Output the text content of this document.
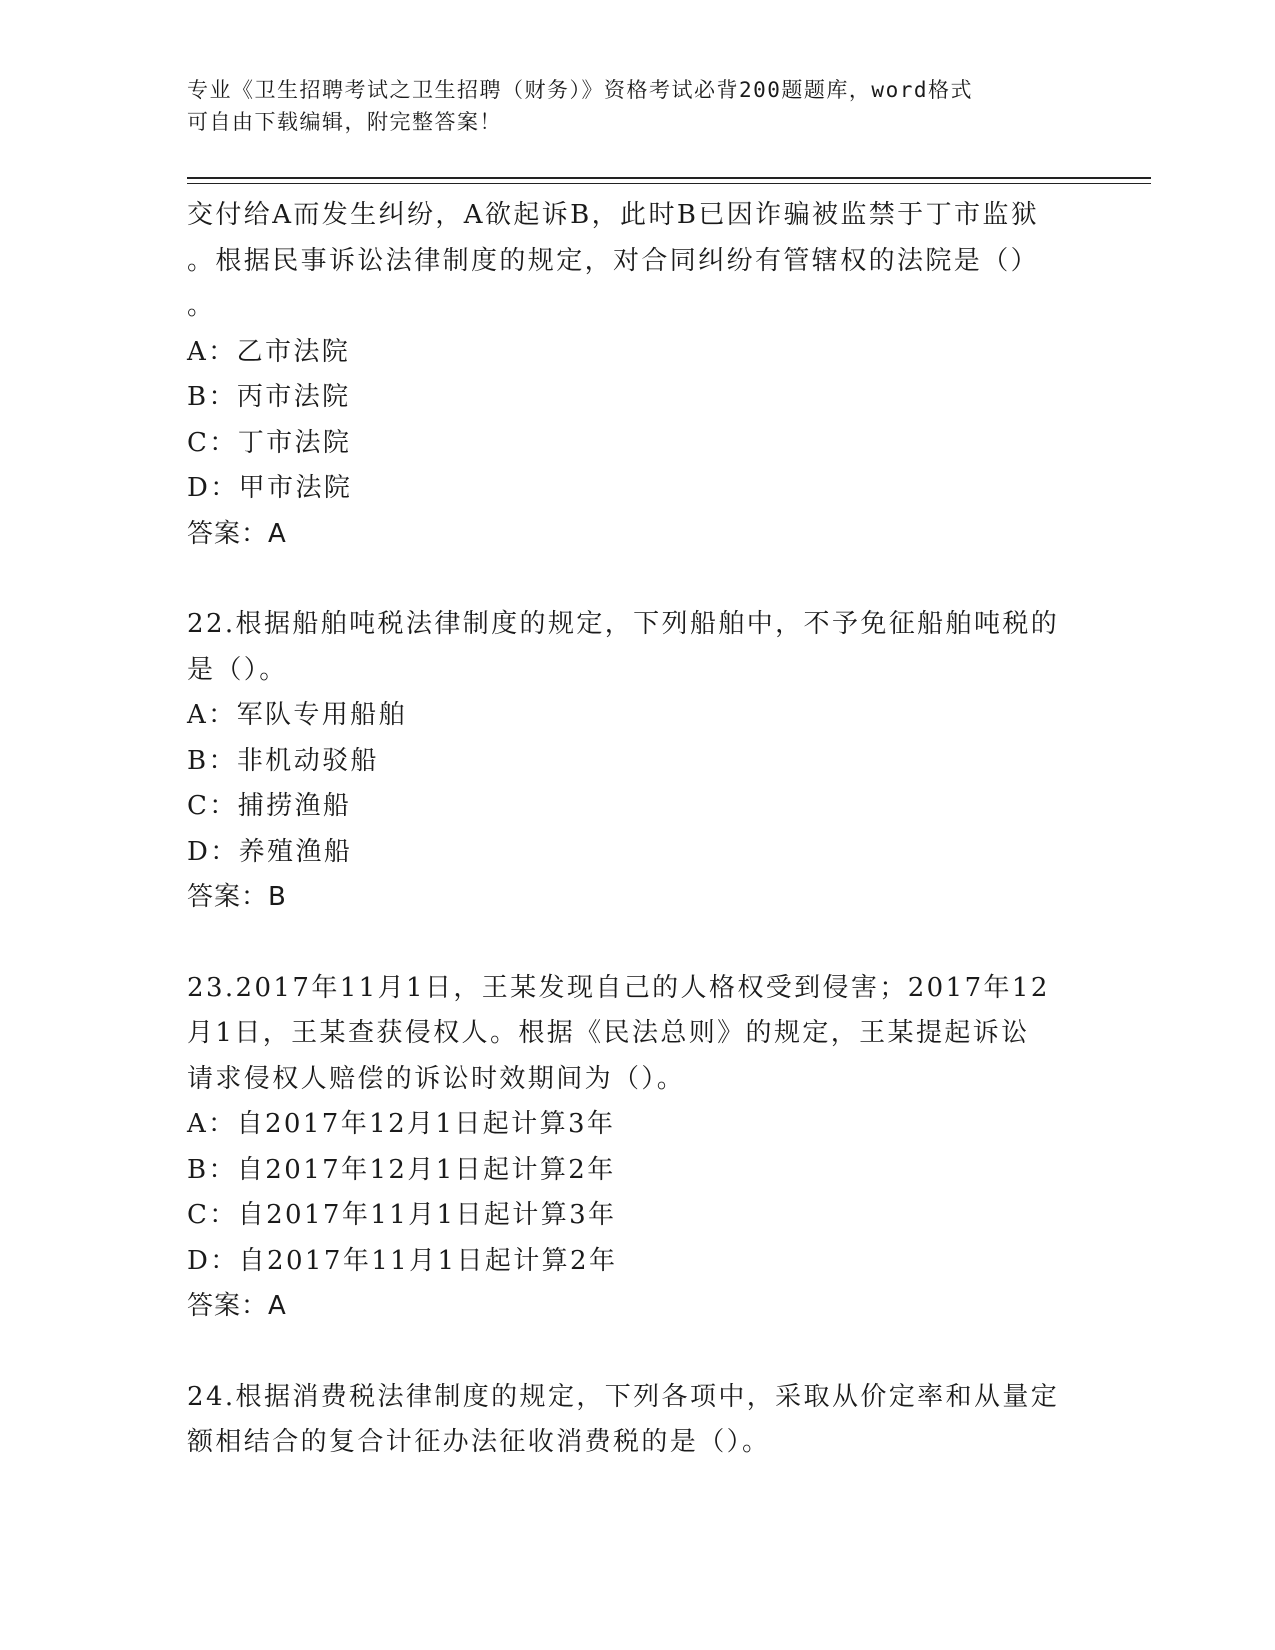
专业《卫生招聘考试之卫生招聘（财务）》资格考试必背200题题库，word格式
可自由下载编辑，附完整答案！
交付给A而发生纠纷，A欲起诉B，此时B已因诈骗被监禁于丁市监狱
。根据民事诉讼法律制度的规定，对合同纠纷有管辖权的法院是（）
。
A：乙市法院
B：丙市法院
C：丁市法院
D：甲市法院
答案：A
22.根据船舶吨税法律制度的规定，下列船舶中，不予免征船舶吨税的
是（）。
A：军队专用船舶
B：非机动驳船
C：捕捞渔船
D：养殖渔船
答案：B
23.2017年11月1日，王某发现自己的人格权受到侵害；2017年12
月1日，王某查获侵权人。根据《民法总则》的规定，王某提起诉讼
请求侵权人赔偿的诉讼时效期间为（）。
A：自2017年12月1日起计算3年
B：自2017年12月1日起计算2年
C：自2017年11月1日起计算3年
D：自2017年11月1日起计算2年
答案：A
24.根据消费税法律制度的规定，下列各项中，采取从价定率和从量定
额相结合的复合计征办法征收消费税的是（）。
